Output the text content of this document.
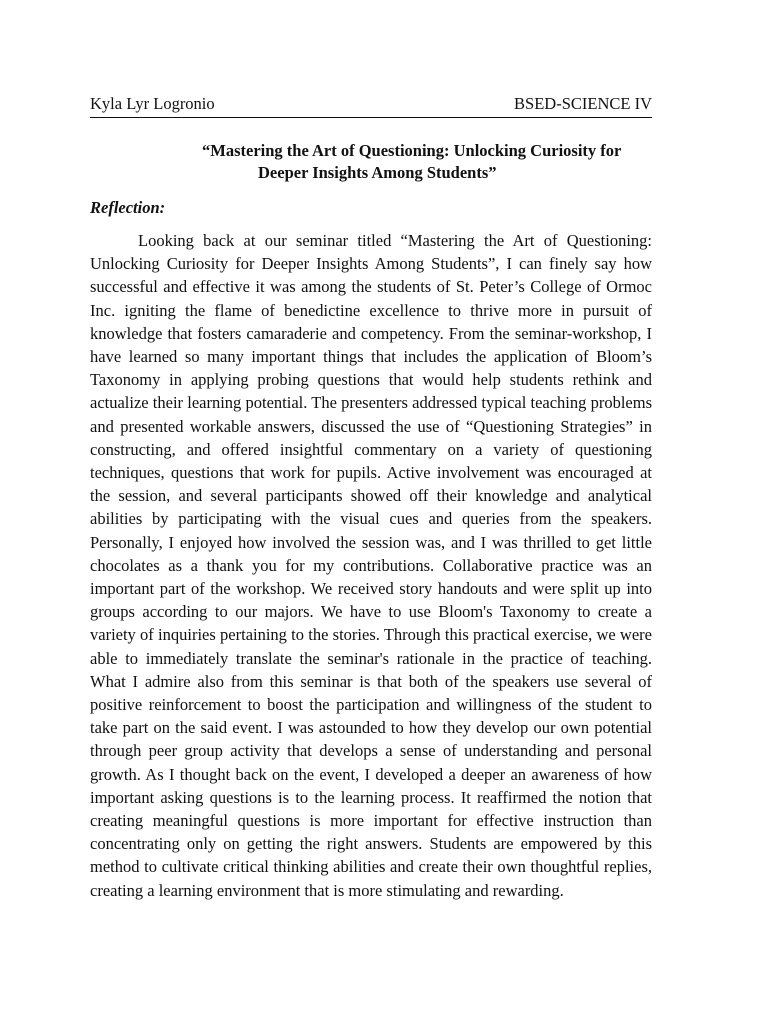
Kyla Lyr Logronio	BSED-SCIENCE IV
“Mastering the Art of Questioning: Unlocking Curiosity for
Deeper Insights Among Students”
Reflection:

Looking back at our seminar titled “Mastering the Art of Questioning: Unlocking Curiosity for Deeper Insights Among Students”, I can finely say how successful and effective it was among the students of St. Peter’s College of Ormoc Inc. igniting the flame of benedictine excellence to thrive more in pursuit of knowledge that fosters camaraderie and competency. From the seminar-workshop, I have learned so many important things that includes the application of Bloom’s Taxonomy in applying probing questions that would help students rethink and actualize their learning potential. The presenters addressed typical teaching problems and presented workable answers, discussed the use of “Questioning Strategies” in constructing, and offered insightful commentary on a variety of questioning techniques, questions that work for pupils. Active involvement was encouraged at the session, and several participants showed off their knowledge and analytical abilities by participating with the visual cues and queries from the speakers. Personally, I enjoyed how involved the session was, and I was thrilled to get little chocolates as a thank you for my contributions. Collaborative practice was an important part of the workshop. We received story handouts and were split up into groups according to our majors. We have to use Bloom's Taxonomy to create a variety of inquiries pertaining to the stories. Through this practical exercise, we were able to immediately translate the seminar's rationale in the practice of teaching. What I admire also from this seminar is that both of the speakers use several of positive reinforcement to boost the participation and willingness of the student to take part on the said event. I was astounded to how they develop our own potential through peer group activity that develops a sense of understanding and personal growth. As I thought back on the event, I developed a deeper an awareness of how important asking questions is to the learning process. It reaffirmed the notion that creating meaningful questions is more important for effective instruction than concentrating only on getting the right answers. Students are empowered by this method to cultivate critical thinking abilities and create their own thoughtful replies, creating a learning environment that is more stimulating and rewarding.
